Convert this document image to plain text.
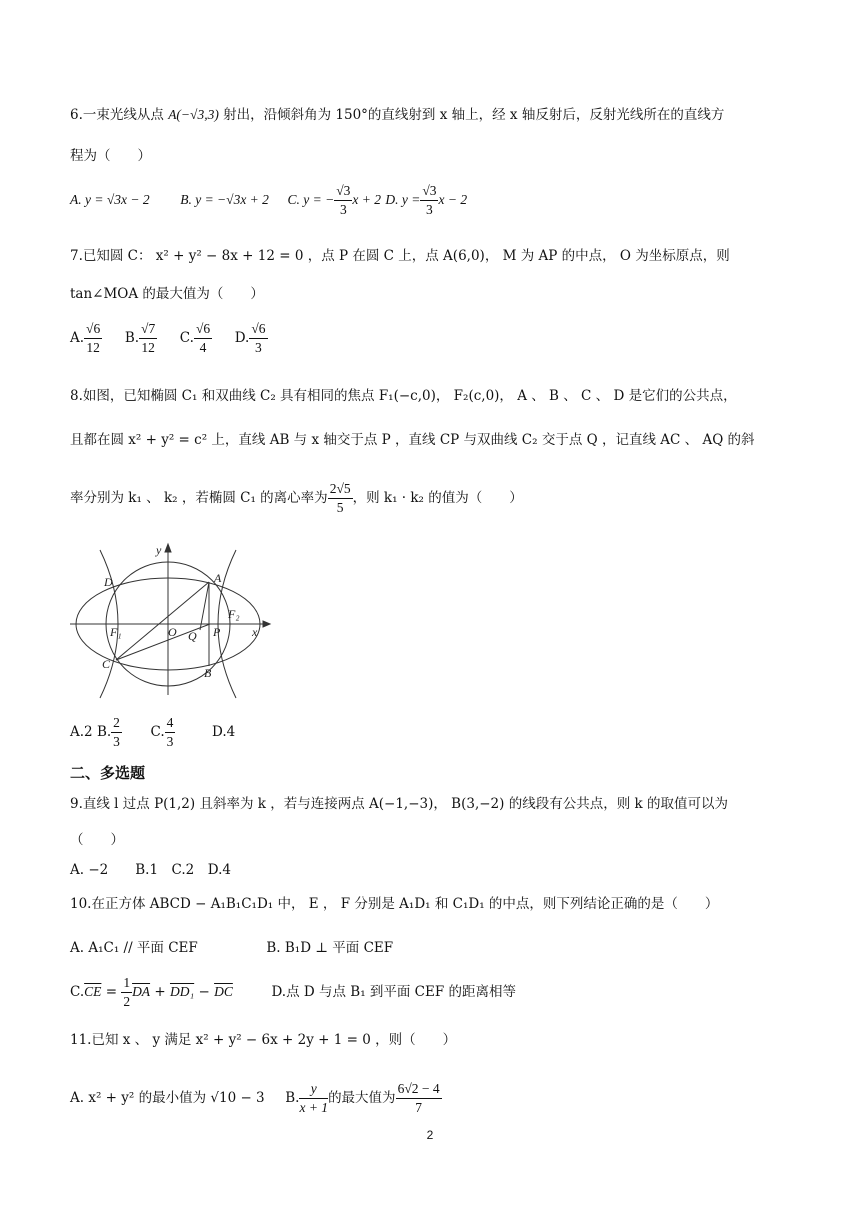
6.一束光线从点 A(−√3,3) 射出，沿倾斜角为 150°的直线射到 x 轴上，经 x 轴反射后，反射光线所在的直线方
程为（　　）
A. y = √3x − 2 B. y = −√3x + 2 C. y = − $\frac{√3}{3}$ x + 2 D. $y = \frac{√3}{3}$ x − 2
7.已知圆 C： x² + y² − 8x + 12 = 0 ，点 P 在圆 C 上，点 A(6,0)， M 为 AP 的中点， O 为坐标原点，则
tan∠MOA 的最大值为（　　）
A. $\frac{√6}{12} B$. $\frac{√7}{12} C$. $\frac{√6}{4} D$. $\frac{√6}{3}$
8.如图，已知椭圆 C₁ 和双曲线 C₂ 具有相同的焦点 F₁(−c,0)， F₂(c,0)， A 、 B 、 C 、 D 是它们的公共点，
且都在圆 x² + y² = c² 上，直线 AB 与 x 轴交于点 P ，直线 CP 与双曲线 C₂ 交于点 Q ，记直线 AC 、 AQ 的斜
率分别为 k₁ 、 k₂ ，若椭圆 C₁ 的离心率为 $\frac{2√5}{5}$ ，则 k₁ · k₂ 的值为（　　）
y
x
D	A
F₁
F₂
O Q P
C
B
A.2 B. $\frac{2}{3} C$. $\frac{4}{3}$	D.4
二、多选题
9.直线 l 过点 P(1,2) 且斜率为 k ，若与连接两点 A(−1,−3)， B(3,−2) 的线段有公共点，则 k 的取值可以为
（　　）
A. −2　　B.1　C.2　D.4
10.在正方体 ABCD − A₁B₁C₁D₁ 中， E ， F 分别是 A₁D₁ 和 C₁D₁ 的中点，则下列结论正确的是（　　）
A. A₁C₁ // 平面 CEF	B. B₁D ⊥ 平面 CEF
$C.\overline{CE} = \frac{1}{2} \overline{DA} + DD_1 - \overline{DC}$	D.点 D 与点 B₁ 到平面 CEF 的距离相等
11.已知 x 、 y 满足 x² + y² − 6x + 2y + 1 = 0 ，则（　　）
A. x² + y² 的最小值为 √10 − 3 B. $\frac{y}{x + 1}$ 的最大值为 $\frac{6√2 - 4}{7}$
2
